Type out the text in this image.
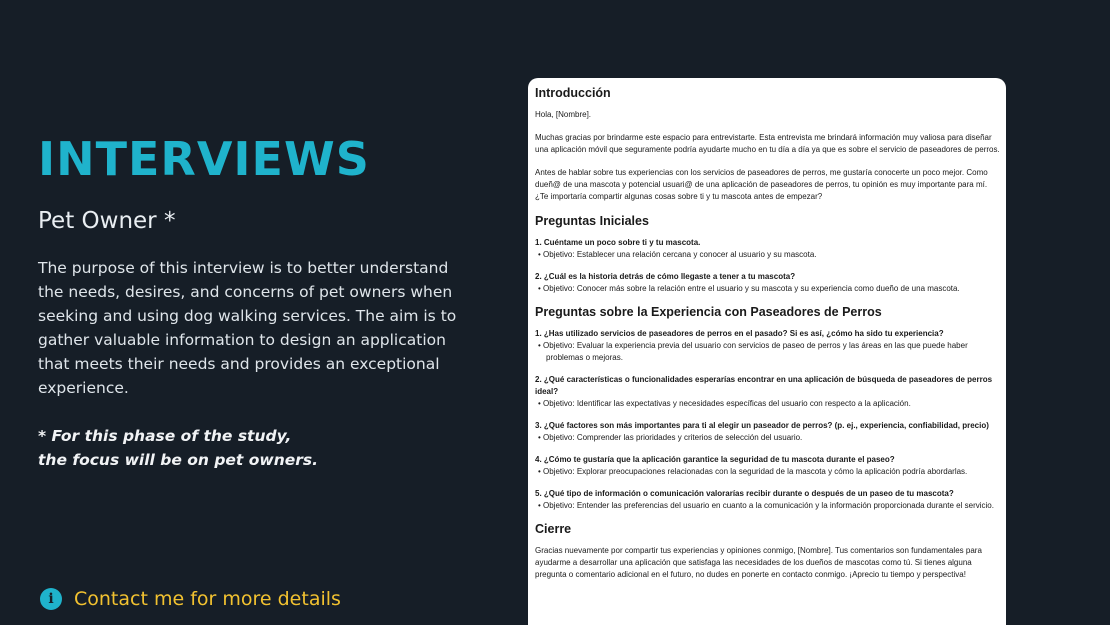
INTERVIEWS

Pet Owner *

The purpose of this interview is to better understand the needs, desires, and concerns of pet owners when seeking and using dog walking services. The aim is to gather valuable information to design an application that meets their needs and provides an exceptional experience.

* For this phase of the study,
the focus will be on pet owners.

i	Contact me for more details
Introducción

Hola, [Nombre].

Muchas gracias por brindarme este espacio para entrevistarte. Esta entrevista me brindará información muy valiosa para diseñar una aplicación móvil que seguramente podría ayudarte mucho en tu día a día ya que es sobre el servicio de paseadores de perros.

Antes de hablar sobre tus experiencias con los servicios de paseadores de perros, me gustaría conocerte un poco mejor. Como dueñ@ de una mascota y potencial usuari@ de una aplicación de paseadores de perros, tu opinión es muy importante para mí. ¿Te importaría compartir algunas cosas sobre ti y tu mascota antes de empezar?

Preguntas Iniciales
1. Cuéntame un poco sobre ti y tu mascota.
• Objetivo: Establecer una relación cercana y conocer al usuario y su mascota.
2. ¿Cuál es la historia detrás de cómo llegaste a tener a tu mascota?
• Objetivo: Conocer más sobre la relación entre el usuario y su mascota y su experiencia como dueño de una mascota.
Preguntas sobre la Experiencia con Paseadores de Perros
1. ¿Has utilizado servicios de paseadores de perros en el pasado? Si es así, ¿cómo ha sido tu experiencia?
• Objetivo: Evaluar la experiencia previa del usuario con servicios de paseo de perros y las áreas en las que puede haber problemas o mejoras.
2. ¿Qué características o funcionalidades esperarías encontrar en una aplicación de búsqueda de paseadores de perros ideal?
• Objetivo: Identificar las expectativas y necesidades específicas del usuario con respecto a la aplicación.
3. ¿Qué factores son más importantes para ti al elegir un paseador de perros? (p. ej., experiencia, confiabilidad, precio)
• Objetivo: Comprender las prioridades y criterios de selección del usuario.
4. ¿Cómo te gustaría que la aplicación garantice la seguridad de tu mascota durante el paseo?
• Objetivo: Explorar preocupaciones relacionadas con la seguridad de la mascota y cómo la aplicación podría abordarlas.
5. ¿Qué tipo de información o comunicación valorarías recibir durante o después de un paseo de tu mascota?
• Objetivo: Entender las preferencias del usuario en cuanto a la comunicación y la información proporcionada durante el servicio.
Cierre

Gracias nuevamente por compartir tus experiencias y opiniones conmigo, [Nombre]. Tus comentarios son fundamentales para ayudarme a desarrollar una aplicación que satisfaga las necesidades de los dueños de mascotas como tú. Si tienes alguna pregunta o comentario adicional en el futuro, no dudes en ponerte en contacto conmigo. ¡Aprecio tu tiempo y perspectiva!
